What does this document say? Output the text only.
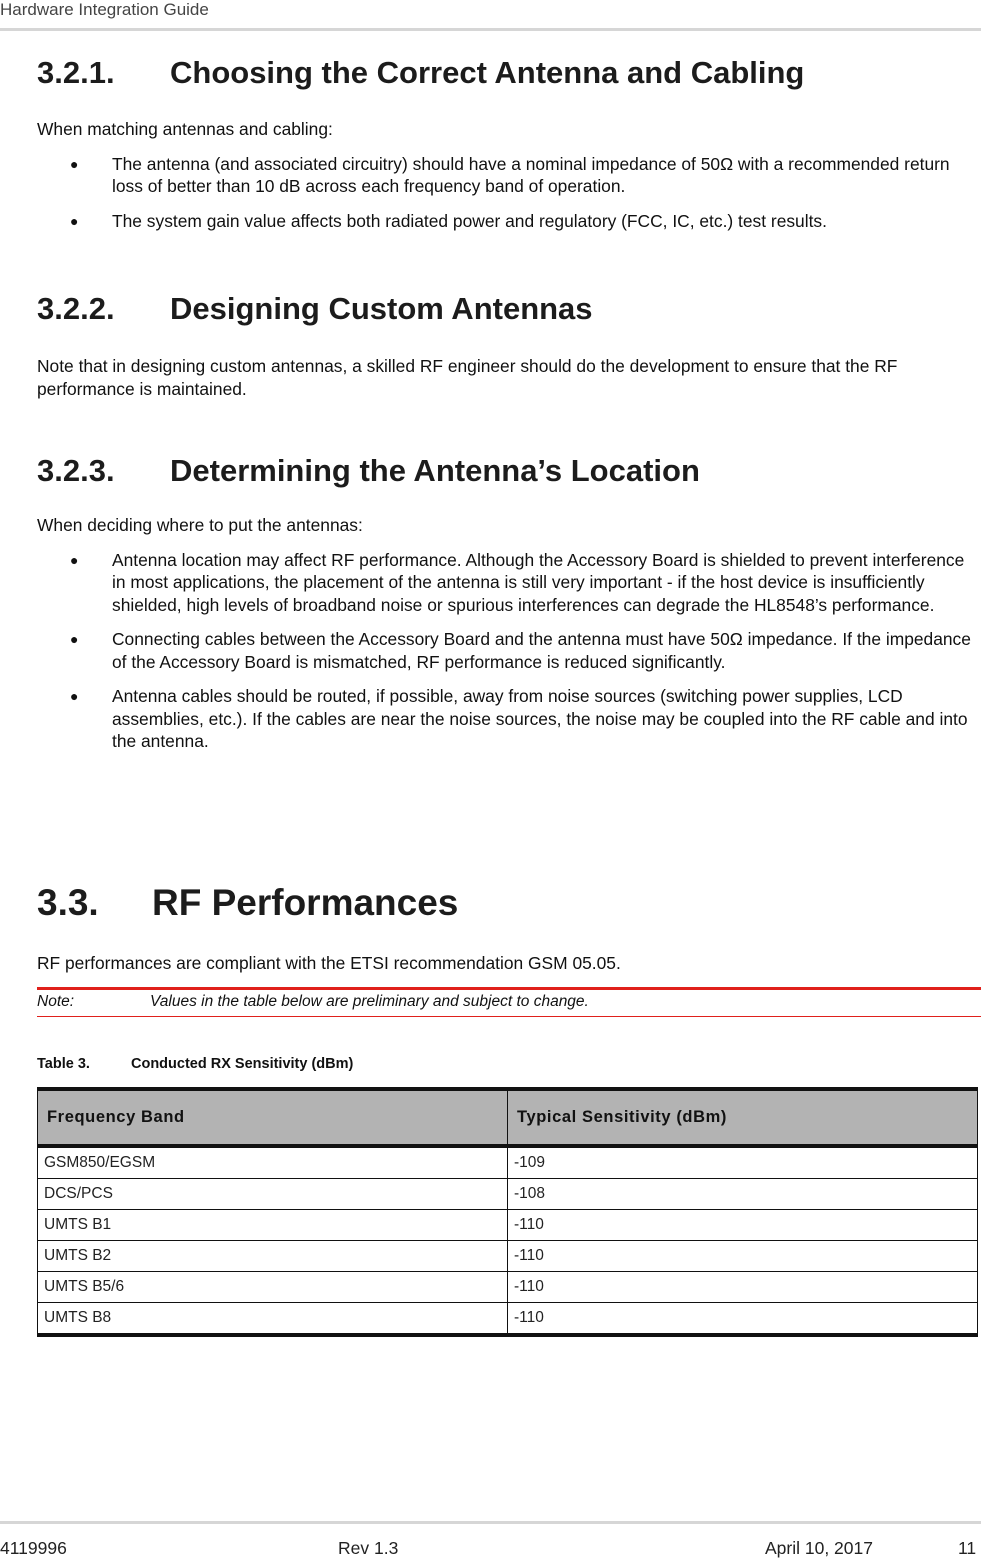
Hardware Integration Guide
3.2.1. Choosing the Correct Antenna and Cabling

When matching antennas and cabling:

● The antenna (and associated circuitry) should have a nominal impedance of 50Ω with a recommended return loss of better than 10 dB across each frequency band of operation.
● The system gain value affects both radiated power and regulatory (FCC, IC, etc.) test results.
3.2.2. Designing Custom Antennas

Note that in designing custom antennas, a skilled RF engineer should do the development to ensure that the RF performance is maintained.

3.2.3. Determining the Antenna’s Location

When deciding where to put the antennas:

● Antenna location may affect RF performance. Although the Accessory Board is shielded to prevent interference in most applications, the placement of the antenna is still very important - if the host device is insufficiently shielded, high levels of broadband noise or spurious interferences can degrade the HL8548’s performance.
● Connecting cables between the Accessory Board and the antenna must have 50Ω impedance. If the impedance of the Accessory Board is mismatched, RF performance is reduced significantly.
● Antenna cables should be routed, if possible, away from noise sources (switching power supplies, LCD assemblies, etc.). If the cables are near the noise sources, the noise may be coupled into the RF cable and into the antenna.
3.3. RF Performances

RF performances are compliant with the ETSI recommendation GSM 05.05.

Note:	Values in the table below are preliminary and subject to change.
Table 3.	Conducted RX Sensitivity (dBm)
Frequency Band	Typical Sensitivity (dBm)
GSM850/EGSM	-109
DCS/PCS	-108
UMTS B1	-110
UMTS B2	-110
UMTS B5/6	-110
UMTS B8	-110
4119996	Rev 1.3	April 10, 2017	11
